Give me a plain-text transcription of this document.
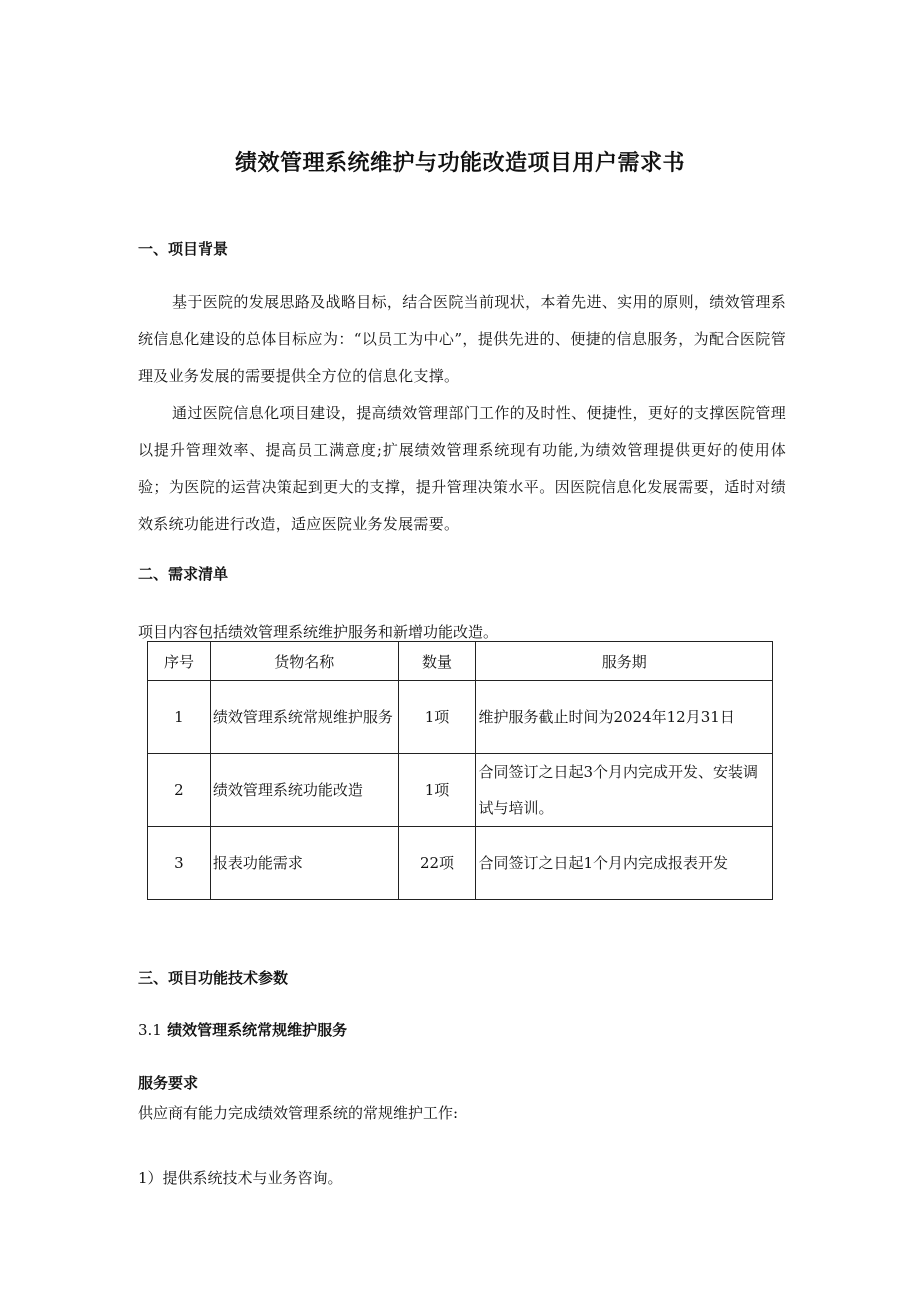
绩效管理系统维护与功能改造项目用户需求书
一、项目背景

基于医院的发展思路及战略目标，结合医院当前现状，本着先进、实用的原则，绩效管理系统信息化建设的总体目标应为：“以员工为中心”，提供先进的、便捷的信息服务，为配合医院管理及业务发展的需要提供全方位的信息化支撑。

通过医院信息化项目建设，提高绩效管理部门工作的及时性、便捷性，更好的支撑医院管理以提升管理效率、提高员工满意度;扩展绩效管理系统现有功能,为绩效管理提供更好的使用体验；为医院的运营决策起到更大的支撑，提升管理决策水平。因医院信息化发展需要，适时对绩效系统功能进行改造，适应医院业务发展需要。

二、需求清单

项目内容包括绩效管理系统维护服务和新增功能改造。

序号	货物名称	数量	服务期
1	绩效管理系统常规维护服务	1项	维护服务截止时间为2024年12月31日
2	绩效管理系统功能改造	1项	合同签订之日起3个月内完成开发、安装调试与培训。
3	报表功能需求	22项	合同签订之日起1个月内完成报表开发
三、项目功能技术参数
3.1 绩效管理系统常规维护服务
服务要求

供应商有能力完成绩效管理系统的常规维护工作:

1）提供系统技术与业务咨询。
